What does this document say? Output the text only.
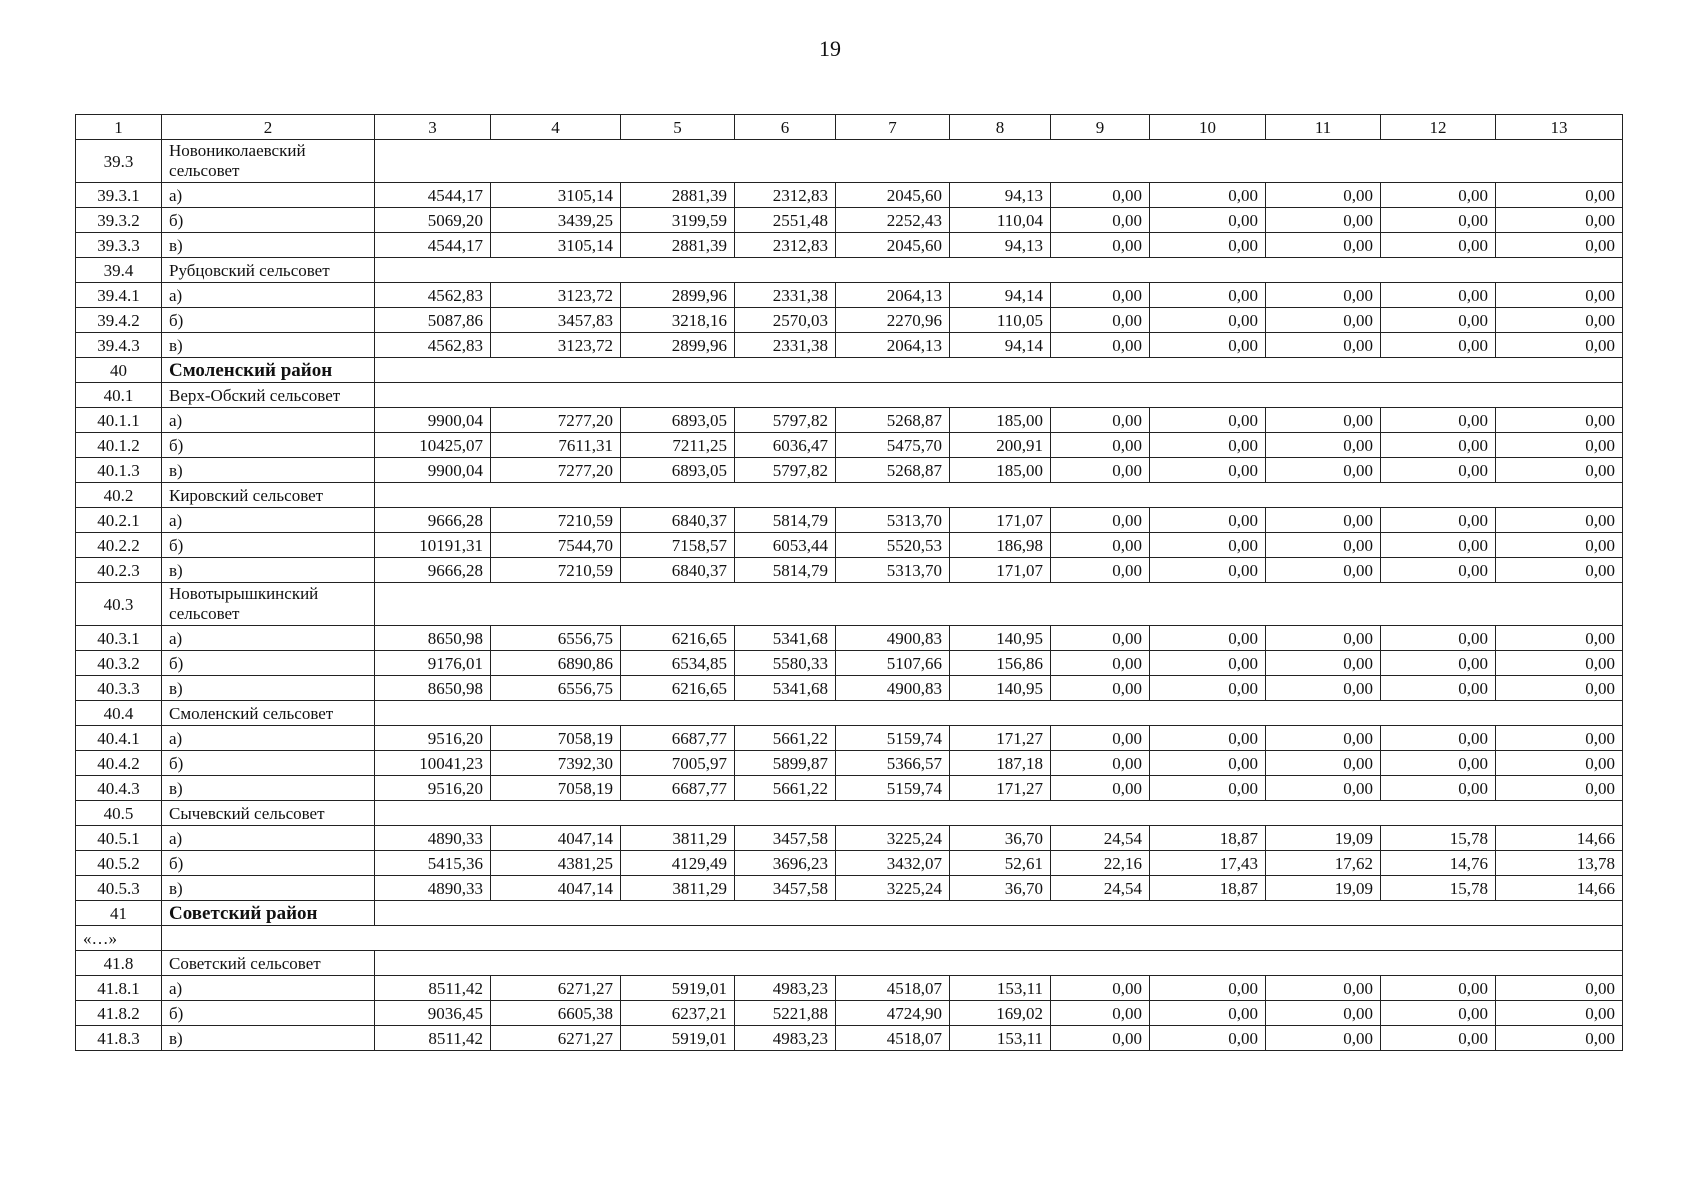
19
1	2	3	4	5	6	7	8	9	10	11	12	13
39.3	Новониколаевский сельсовет											
39.3.1	а)	4544,17	3105,14	2881,39	2312,83	2045,60	94,13	0,00	0,00	0,00	0,00	0,00
39.3.2	б)	5069,20	3439,25	3199,59	2551,48	2252,43	110,04	0,00	0,00	0,00	0,00	0,00
39.3.3	в)	4544,17	3105,14	2881,39	2312,83	2045,60	94,13	0,00	0,00	0,00	0,00	0,00
39.4	Рубцовский сельсовет											
39.4.1	а)	4562,83	3123,72	2899,96	2331,38	2064,13	94,14	0,00	0,00	0,00	0,00	0,00
39.4.2	б)	5087,86	3457,83	3218,16	2570,03	2270,96	110,05	0,00	0,00	0,00	0,00	0,00
39.4.3	в)	4562,83	3123,72	2899,96	2331,38	2064,13	94,14	0,00	0,00	0,00	0,00	0,00
40	Смоленский район											
40.1	Верх-Обский сельсовет											
40.1.1	а)	9900,04	7277,20	6893,05	5797,82	5268,87	185,00	0,00	0,00	0,00	0,00	0,00
40.1.2	б)	10425,07	7611,31	7211,25	6036,47	5475,70	200,91	0,00	0,00	0,00	0,00	0,00
40.1.3	в)	9900,04	7277,20	6893,05	5797,82	5268,87	185,00	0,00	0,00	0,00	0,00	0,00
40.2	Кировский сельсовет											
40.2.1	а)	9666,28	7210,59	6840,37	5814,79	5313,70	171,07	0,00	0,00	0,00	0,00	0,00
40.2.2	б)	10191,31	7544,70	7158,57	6053,44	5520,53	186,98	0,00	0,00	0,00	0,00	0,00
40.2.3	в)	9666,28	7210,59	6840,37	5814,79	5313,70	171,07	0,00	0,00	0,00	0,00	0,00
40.3	Новотырышкинский сельсовет											
40.3.1	а)	8650,98	6556,75	6216,65	5341,68	4900,83	140,95	0,00	0,00	0,00	0,00	0,00
40.3.2	б)	9176,01	6890,86	6534,85	5580,33	5107,66	156,86	0,00	0,00	0,00	0,00	0,00
40.3.3	в)	8650,98	6556,75	6216,65	5341,68	4900,83	140,95	0,00	0,00	0,00	0,00	0,00
40.4	Смоленский сельсовет											
40.4.1	а)	9516,20	7058,19	6687,77	5661,22	5159,74	171,27	0,00	0,00	0,00	0,00	0,00
40.4.2	б)	10041,23	7392,30	7005,97	5899,87	5366,57	187,18	0,00	0,00	0,00	0,00	0,00
40.4.3	в)	9516,20	7058,19	6687,77	5661,22	5159,74	171,27	0,00	0,00	0,00	0,00	0,00
40.5	Сычевский сельсовет											
40.5.1	а)	4890,33	4047,14	3811,29	3457,58	3225,24	36,70	24,54	18,87	19,09	15,78	14,66
40.5.2	б)	5415,36	4381,25	4129,49	3696,23	3432,07	52,61	22,16	17,43	17,62	14,76	13,78
40.5.3	в)	4890,33	4047,14	3811,29	3457,58	3225,24	36,70	24,54	18,87	19,09	15,78	14,66
41	Советский район											
«…»												
41.8	Советский сельсовет											
41.8.1	а)	8511,42	6271,27	5919,01	4983,23	4518,07	153,11	0,00	0,00	0,00	0,00	0,00
41.8.2	б)	9036,45	6605,38	6237,21	5221,88	4724,90	169,02	0,00	0,00	0,00	0,00	0,00
41.8.3	в)	8511,42	6271,27	5919,01	4983,23	4518,07	153,11	0,00	0,00	0,00	0,00	0,00
